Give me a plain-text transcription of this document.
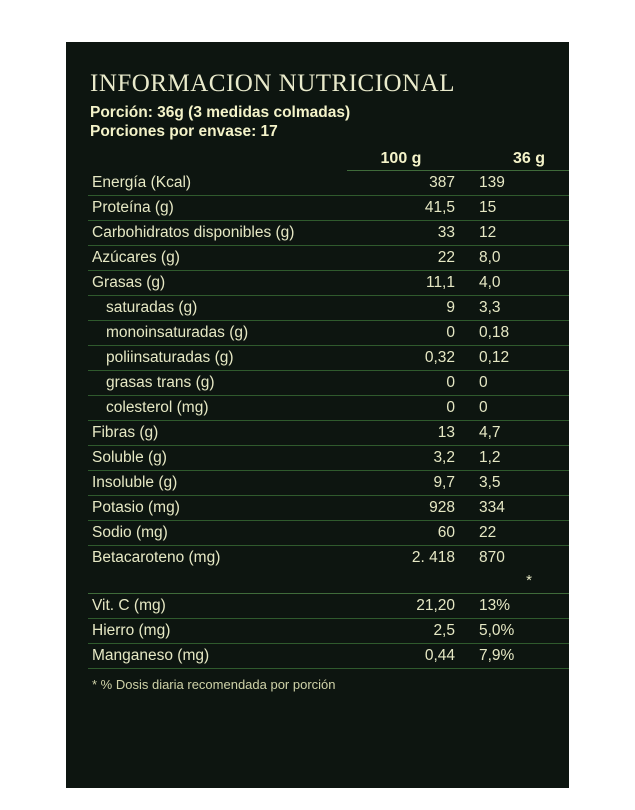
INFORMACION NUTRICIONAL
Porción: 36g (3 medidas colmadas)
Porciones por envase: 17
	100 g	36 g
Energía (Kcal)	387	139
Proteína (g)	41,5	15
Carbohidratos disponibles (g)	33	12
Azúcares (g)	22	8,0
Grasas (g)	11,1	4,0
saturadas (g)	9	3,3
monoinsaturadas (g)	0	0,18
poliinsaturadas (g)	0,32	0,12
grasas trans (g)	0	0
colesterol (mg)	0	0
Fibras (g)	13	4,7
Soluble (g)	3,2	1,2
Insoluble (g)	9,7	3,5
Potasio (mg)	928	334
Sodio (mg)	60	22
Betacaroteno (mg)	2. 418	870
		*
Vit. C (mg)	21,20	13%
Hierro (mg)	2,5	5,0%
Manganeso (mg)	0,44	7,9%
* % Dosis diaria recomendada por porción
